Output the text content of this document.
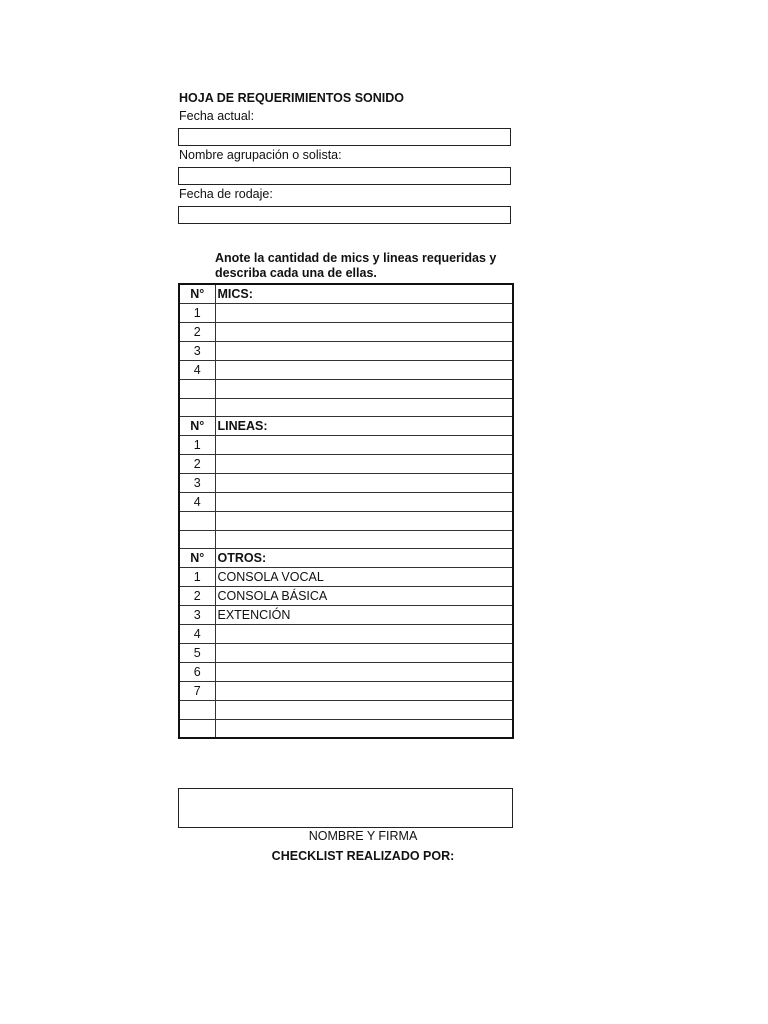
HOJA DE REQUERIMIENTOS SONIDO
Fecha actual:
Nombre agrupación o solista:
Fecha de rodaje:
Anote la cantidad de mics y lineas requeridas y describa cada una de ellas.
N°	MICS:
1	
2	
3	
4	

N°	LINEAS:
1	
2	
3	
4	

N°	OTROS:
1	CONSOLA VOCAL
2	CONSOLA BÁSICA
3	EXTENCIÓN
4	
5	
6	
7	

NOMBRE Y FIRMA
CHECKLIST REALIZADO POR:
